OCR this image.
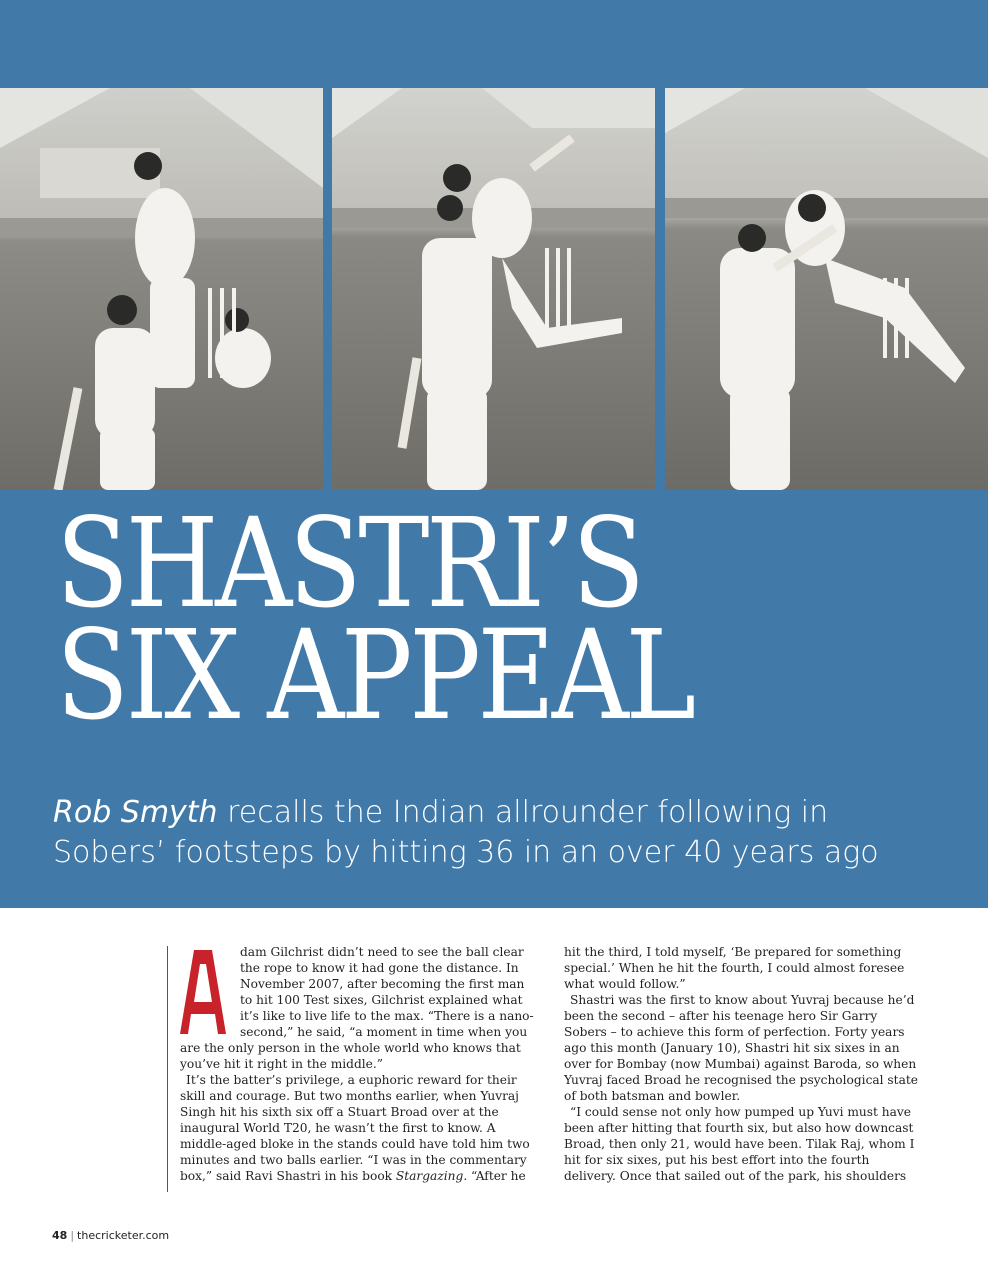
SHASTRI’S
SIX APPEAL

Rob Smyth recalls the Indian allrounder following in
Sobers’ footsteps by hitting 36 in an over 40 years ago

dam Gilchrist didn’t need to see the ball clear the rope to know it had gone the distance. In November 2007, after becoming the first man to hit 100 Test sixes, Gilchrist explained what it’s like to live life to the max. “There is a nano-second,” he said, “a moment in time when you are the only person in the whole world who knows that you’ve hit it right in the middle.”

It’s the batter’s privilege, a euphoric reward for their skill and courage. But two months earlier, when Yuvraj Singh hit his sixth six off a Stuart Broad over at the inaugural World T20, he wasn’t the first to know. A middle-aged bloke in the stands could have told him two minutes and two balls earlier. “I was in the commentary box,” said Ravi Shastri in his book Stargazing. “After he

hit the third, I told myself, ‘Be prepared for something special.’ When he hit the fourth, I could almost foresee what would follow.”

Shastri was the first to know about Yuvraj because he’d been the second – after his teenage hero Sir Garry Sobers – to achieve this form of perfection. Forty years ago this month (January 10), Shastri hit six sixes in an over for Bombay (now Mumbai) against Baroda, so when Yuvraj faced Broad he recognised the psychological state of both batsman and bowler.

“I could sense not only how pumped up Yuvi must have been after hitting that fourth six, but also how downcast Broad, then only 21, would have been. Tilak Raj, whom I hit for six sixes, put his best effort into the fourth delivery. Once that sailed out of the park, his shoulders

48 | thecricketer.com
